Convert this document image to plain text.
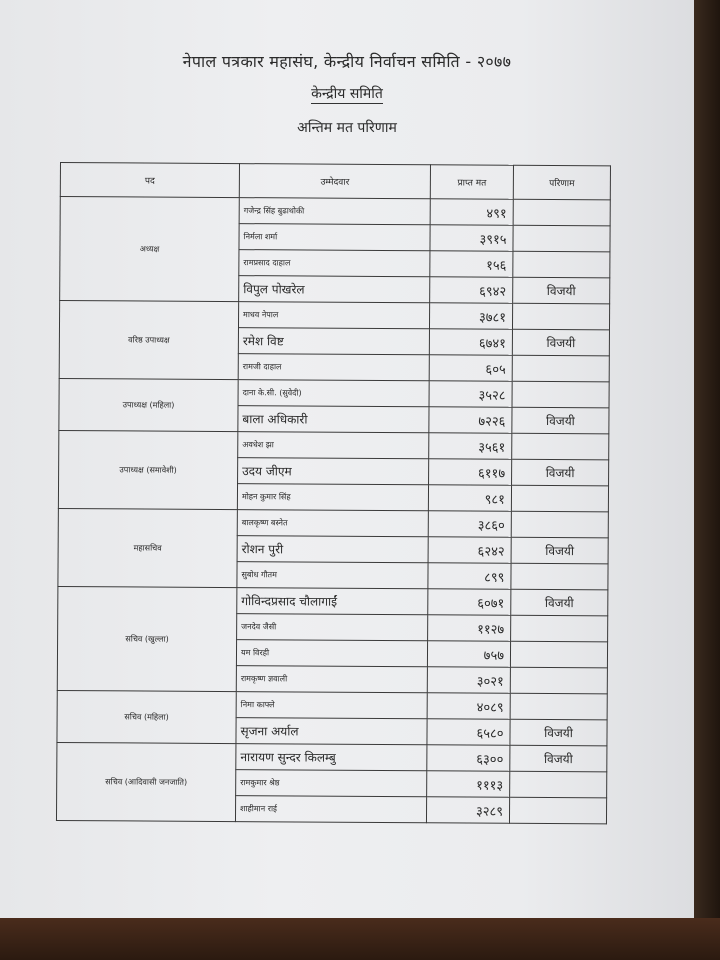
नेपाल पत्रकार महासंघ, केन्द्रीय निर्वाचन समिति - २०७७
केन्द्रीय समिति
अन्तिम मत परिणाम
पद	उम्मेदवार	प्राप्त मत	परिणाम
अध्यक्ष	गजेन्द्र सिंह बुढाथोकी	४९१	
	निर्मला शर्मा	३९१५	
	रामप्रसाद दाहाल	१५६	
	विपुल पोखरेल	६९४२	विजयी
वरिष्ठ उपाध्यक्ष	माधव नेपाल	३७८१	
	रमेश विष्ट	६७४१	विजयी
	रामजी दाहाल	६०५	
उपाध्यक्ष (महिला)	दाना के.सी. (सुवेदी)	३५२८	
	बाला अधिकारी	७२२६	विजयी
उपाध्यक्ष (समावेशी)	अवधेश झा	३५६१	
	उदय जीएम	६११७	विजयी
	मोहन कुमार सिंह	९८१	
महासचिव	बालकृष्ण बस्नेत	३८६०	
	रोशन पुरी	६२४२	विजयी
	सुबोध गौतम	८९९	
सचिव (खुल्ला)	गोविन्दप्रसाद चौलागाईं	६०७१	विजयी
	जनदेव जैसी	११२७	
	यम विरही	७५७	
	रामकृष्ण ज्ञवाली	३०२१	
सचिव (महिला)	निमा काफ्ले	४०८९	
	सृजना अर्याल	६५८०	विजयी
सचिव (आदिवासी जनजाति)	नारायण सुन्दर किलम्बु	६३००	विजयी
	रामकुमार श्रेष्ठ	१११३	
	शाहीमान राई	३२८९	
